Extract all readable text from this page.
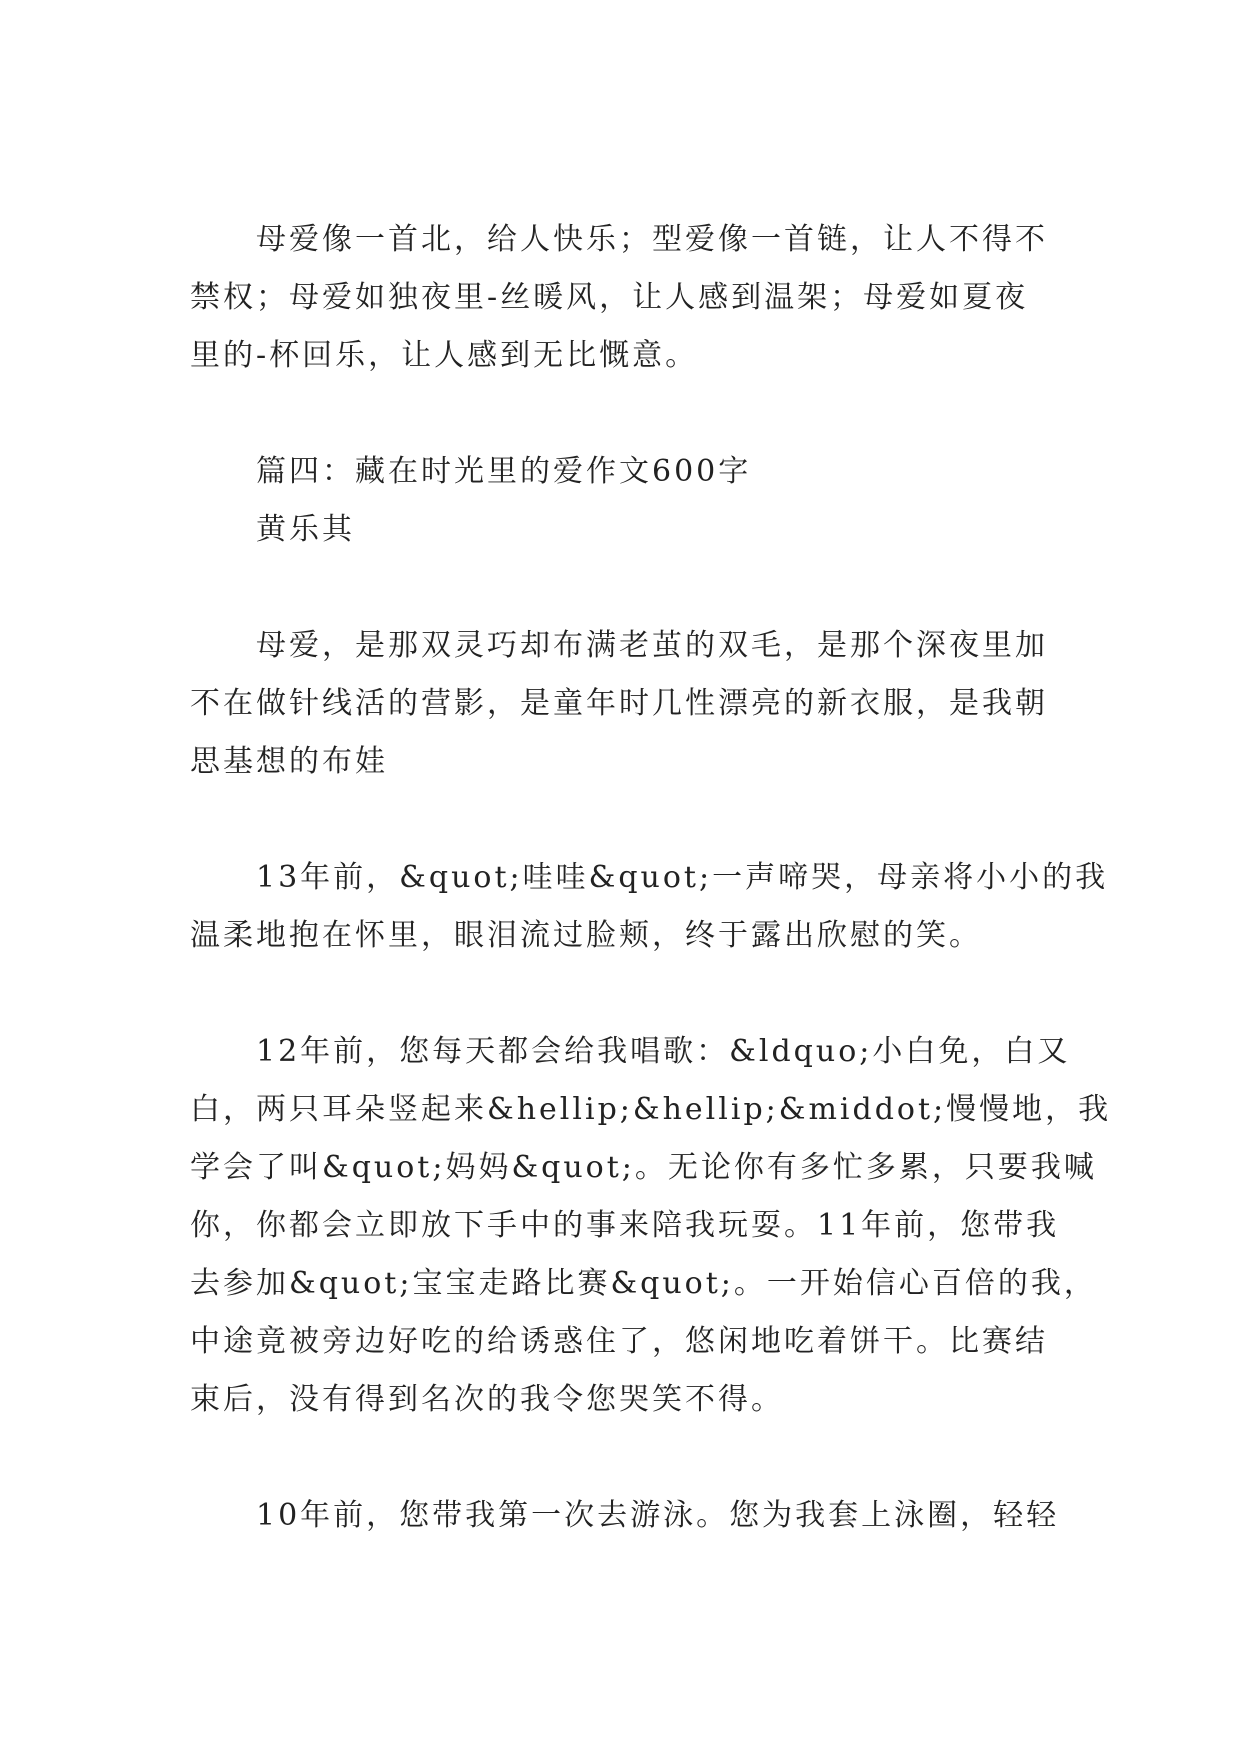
母爱像一首北，给人快乐；型爱像一首链，让人不得不
禁权；母爱如独夜里-丝暖风，让人感到温架；母爱如夏夜
里的-杯回乐，让人感到无比慨意。
篇四：藏在时光里的爱作文600字
黄乐其
母爱，是那双灵巧却布满老茧的双毛，是那个深夜里加
不在做针线活的营影，是童年时几性漂亮的新衣服，是我朝
思基想的布娃
13年前，&quot;哇哇&quot;一声啼哭，母亲将小小的我
温柔地抱在怀里，眼泪流过脸颊，终于露出欣慰的笑。
12年前，您每天都会给我唱歌：&ldquo;小白免，白又
白，两只耳朵竖起来&hellip;&hellip;&middot;慢慢地，我
学会了叫&quot;妈妈&quot;。无论你有多忙多累，只要我喊
你，你都会立即放下手中的事来陪我玩耍。11年前，您带我
去参加&quot;宝宝走路比赛&quot;。一开始信心百倍的我，
中途竟被旁边好吃的给诱惑住了，悠闲地吃着饼干。比赛结
束后，没有得到名次的我令您哭笑不得。
10年前，您带我第一次去游泳。您为我套上泳圈，轻轻
